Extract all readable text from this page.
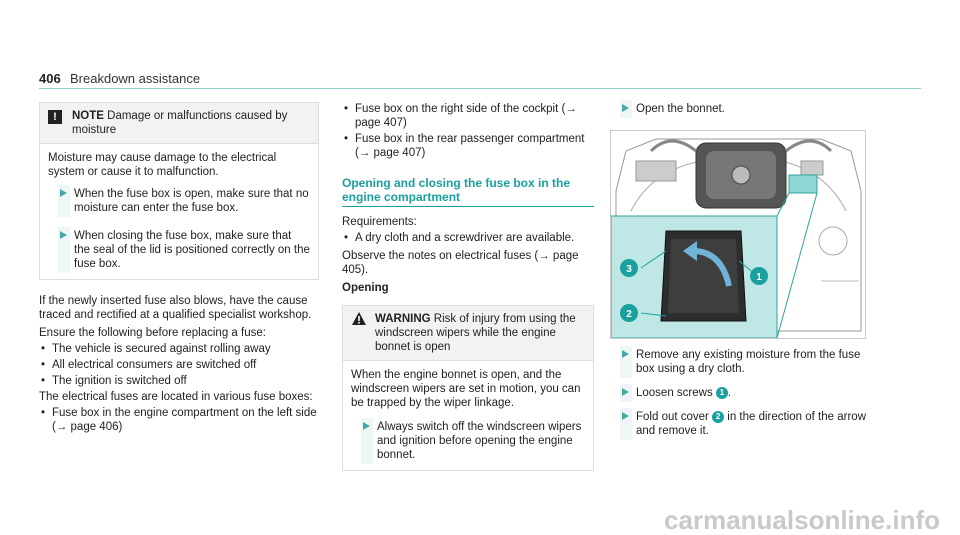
406 Breakdown assistance
!	NOTE Damage or malfunctions caused by moisture

Moisture may cause damage to the electrical system or cause it to malfunction.

When the fuse box is open, make sure that no moisture can enter the fuse box.
When closing the fuse box, make sure that the seal of the lid is positioned correctly on the fuse box.

If the newly inserted fuse also blows, have the cause traced and rectified at a qualified specialist workshop.

Ensure the following before replacing a fuse:

• The vehicle is secured against rolling away
• All electrical consumers are switched off
• The ignition is switched off

The electrical fuses are located in various fuse boxes:

• Fuse box in the engine compartment on the left side (→ page 406)
• Fuse box on the right side of the cockpit (→ page 407)
• Fuse box in the rear passenger compartment (→ page 407)
Opening and closing the fuse box in the engine compartment

Requirements:

• A dry cloth and a screwdriver are available.

Observe the notes on electrical fuses (→ page 405).

Opening

WARNING Risk of injury from using the windscreen wipers while the engine bonnet is open

When the engine bonnet is open, and the windscreen wipers are set in motion, you can be trapped by the wiper linkage.

Always switch off the windscreen wipers and ignition before opening the engine bonnet.
Open the bonnet.
3
2
1
Remove any existing moisture from the fuse box using a dry cloth.
Loosen screws 1 .
Fold out cover 2 in the direction of the arrow and remove it.
carmanualsonline.info
